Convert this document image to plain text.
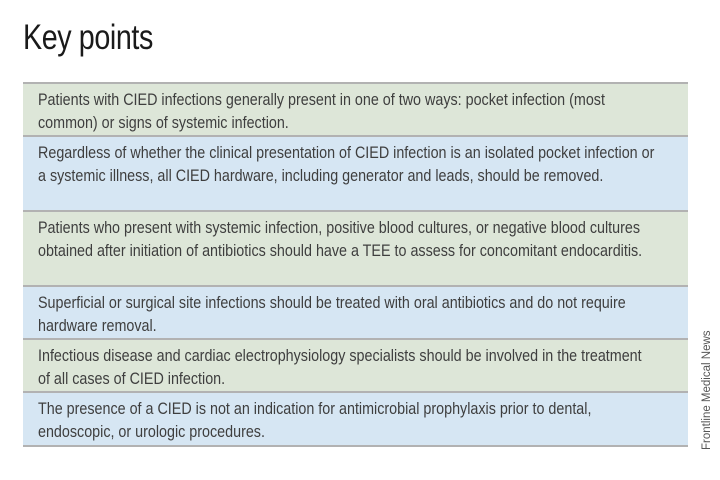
Key points
Patients with CIED infections generally present in one of two ways: pocket infection (most common) or signs of systemic infection.
Regardless of whether the clinical presentation of CIED infection is an isolated pocket infection or a systemic illness, all CIED hardware, including generator and leads, should be removed.
Patients who present with systemic infection, positive blood cultures, or negative blood cultures obtained after initiation of antibiotics should have a TEE to assess for concomitant endocarditis.
Superficial or surgical site infections should be treated with oral antibiotics and do not require hardware removal.
Infectious disease and cardiac electrophysiology specialists should be involved in the treatment of all cases of CIED infection.
The presence of a CIED is not an indication for antimicrobial prophylaxis prior to dental, endoscopic, or urologic procedures.	Frontline Medical News
